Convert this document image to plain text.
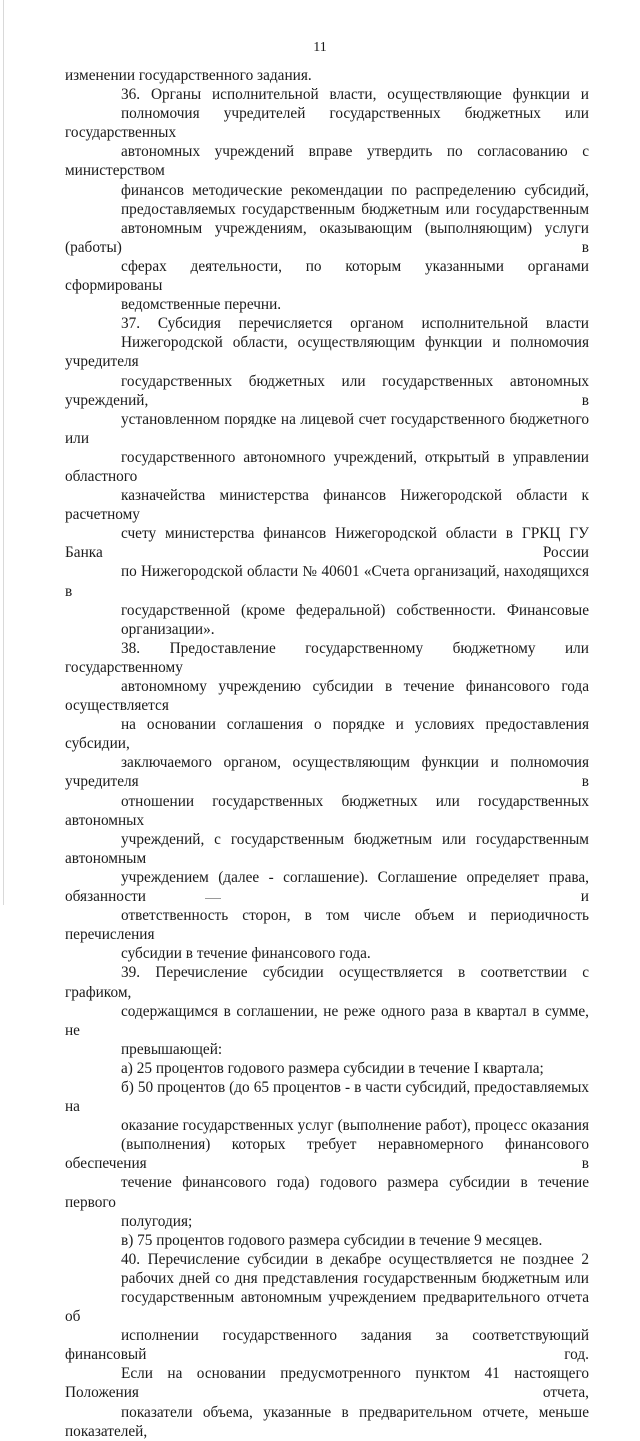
11

изменении государственного задания.

36. Органы исполнительной власти, осуществляющие функции и
полномочия учредителей государственных бюджетных или государственных
автономных учреждений вправе утвердить по согласованию с министерством
финансов методические рекомендации по распределению субсидий,
предоставляемых государственным бюджетным или государственным
автономным учреждениям, оказывающим (выполняющим) услуги (работы) в
сферах деятельности, по которым указанными органами сформированы
ведомственные перечни.

37. Субсидия перечисляется органом исполнительной власти
Нижегородской области, осуществляющим функции и полномочия учредителя
государственных бюджетных или государственных автономных учреждений, в
установленном порядке на лицевой счет государственного бюджетного или
государственного автономного учреждений, открытый в управлении областного
казначейства министерства финансов Нижегородской области к расчетному
счету министерства финансов Нижегородской области в ГРКЦ ГУ Банка России
по Нижегородской области № 40601 «Счета организаций, находящихся в
государственной (кроме федеральной) собственности. Финансовые
организации».

38. Предоставление государственному бюджетному или государственному
автономному учреждению субсидии в течение финансового года осуществляется
на основании соглашения о порядке и условиях предоставления субсидии,
заключаемого органом, осуществляющим функции и полномочия учредителя в
отношении государственных бюджетных или государственных автономных
учреждений, с государственным бюджетным или государственным автономным
учреждением (далее - соглашение). Соглашение определяет права, обязанности и
ответственность сторон, в том числе объем и периодичность перечисления
субсидии в течение финансового года.

39. Перечисление субсидии осуществляется в соответствии с графиком,
содержащимся в соглашении, не реже одного раза в квартал в сумме, не
превышающей:

а) 25 процентов годового размера субсидии в течение I квартала;

б) 50 процентов (до 65 процентов - в части субсидий, предоставляемых на
оказание государственных услуг (выполнение работ), процесс оказания
(выполнения) которых требует неравномерного финансового обеспечения в
течение финансового года) годового размера субсидии в течение первого
полугодия;

в) 75 процентов годового размера субсидии в течение 9 месяцев.

40. Перечисление субсидии в декабре осуществляется не позднее 2
рабочих дней со дня представления государственным бюджетным или
государственным автономным учреждением предварительного отчета об
исполнении государственного задания за соответствующий финансовый год.
Если на основании предусмотренного пунктом 41 настоящего Положения отчета,
показатели объема, указанные в предварительном отчете, меньше показателей,
